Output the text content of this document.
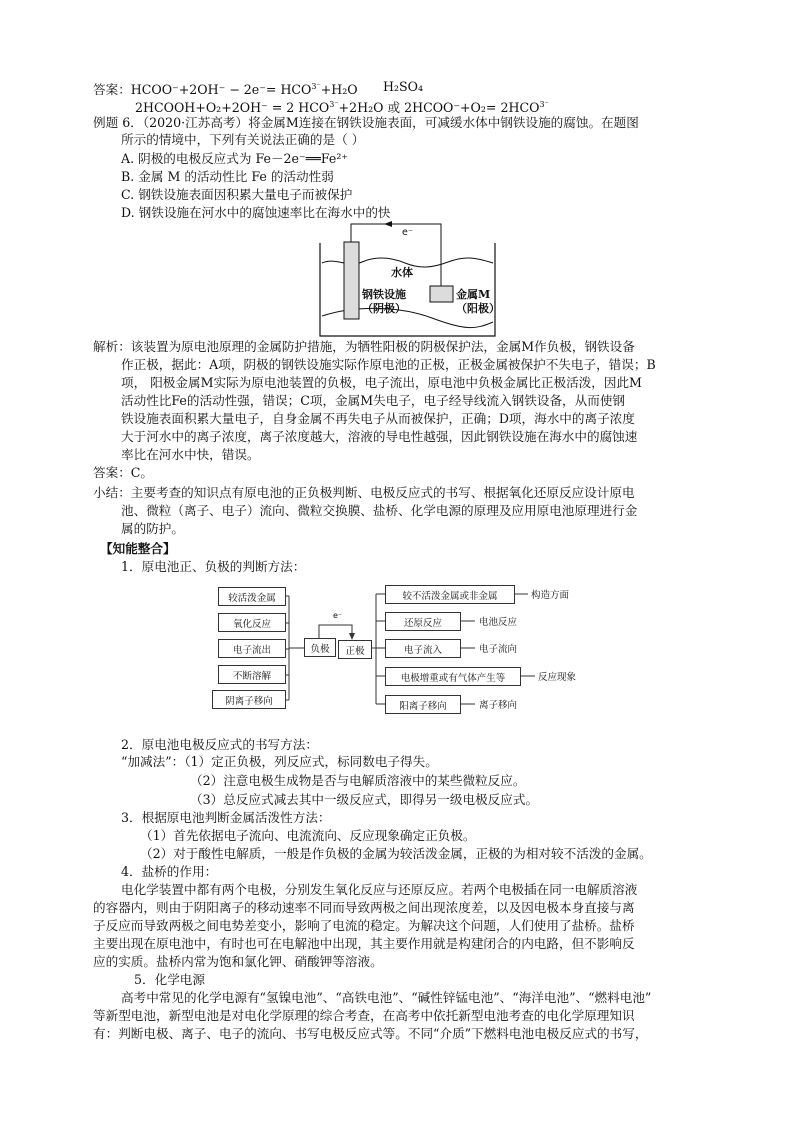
答案：HCOO⁻+2OH⁻ − $2e^-= HCO^{3^-}+H_2O$ H₂SO₄
2HCOOH+O₂+2OH⁻ = 2 $HCO^{3^-}+2H_2O$ 或 2HCOO⁻+O₂= $2HCO^{3^-}$
例题 6．（2020·江苏高考）将金属M连接在钢铁设施表面，可减缓水体中钢铁设施的腐蚀。在题图
所示的情境中，下列有关说法正确的是（ ）
A. 阴极的电极反应式为 Fe－2e⁻══Fe²⁺
B. 金属 M 的活动性比 Fe 的活动性弱
C. 钢铁设施表面因积累大量电子而被保护
D. 钢铁设施在河水中的腐蚀速率比在海水中的快
e⁻
水体
钢铁设施
（阴极）
金属M
（阳极）
解析：该装置为原电池原理的金属防护措施，为牺牲阳极的阴极保护法，金属M作负极，钢铁设备
作正极，据此：A项，阴极的钢铁设施实际作原电池的正极，正极金属被保护不失电子，错误；B
项， 阳极金属M实际为原电池装置的负极，电子流出，原电池中负极金属比正极活泼，因此M
活动性比Fe的活动性强，错误；C项，金属M失电子，电子经导线流入钢铁设备，从而使钢
铁设施表面积累大量电子，自身金属不再失电子从而被保护，正确；D项，海水中的离子浓度
大于河水中的离子浓度，离子浓度越大，溶液的导电性越强，因此钢铁设施在海水中的腐蚀速
率比在河水中快，错误。
答案：C。
小结：主要考查的知识点有原电池的正负极判断、电极反应式的书写、根据氧化还原反应设计原电
池、微粒（离子、电子）流向、微粒交换膜、盐桥、化学电源的原理及应用原电池原理进行金
属的防护。
【知能整合】
1．原电池正、负极的判断方法：
较活泼金属
氧化反应
电子流出
不断溶解
阴离子移向
负极	正极
e⁻
较不活泼金属或非金属
还原反应
电子流入
电极增重或有气体产生等
阳离子移向
构造方面
电池反应
电子流向
反应现象
离子移向
2．原电池电极反应式的书写方法：
“加减法”：（1）定正负极，列反应式，标同数电子得失。
（2）注意电极生成物是否与电解质溶液中的某些微粒反应。
（3）总反应式减去其中一级反应式，即得另一级电极反应式。
3．根据原电池判断金属活泼性方法：
（1）首先依据电子流向、电流流向、反应现象确定正负极。
（2）对于酸性电解质，一般是作负极的金属为较活泼金属，正极的为相对较不活泼的金属。
4．盐桥的作用：
电化学装置中都有两个电极，分别发生氧化反应与还原反应。若两个电极插在同一电解质溶液
的容器内，则由于阴阳离子的移动速率不同而导致两极之间出现浓度差，以及因电极本身直接与离
子反应而导致两极之间电势差变小，影响了电流的稳定。为解决这个问题，人们使用了盐桥。盐桥
主要出现在原电池中，有时也可在电解池中出现，其主要作用就是构建闭合的内电路，但不影响反
应的实质。盐桥内常为饱和氯化钾、硝酸钾等溶液。
5．化学电源
高考中常见的化学电源有“氢镍电池”、“高铁电池”、“碱性锌锰电池”、“海洋电池”、“燃料电池”
等新型电池，新型电池是对电化学原理的综合考查，在高考中依托新型电池考查的电化学原理知识
有：判断电极、离子、电子的流向、书写电极反应式等。不同“介质”下燃料电池电极反应式的书写，
